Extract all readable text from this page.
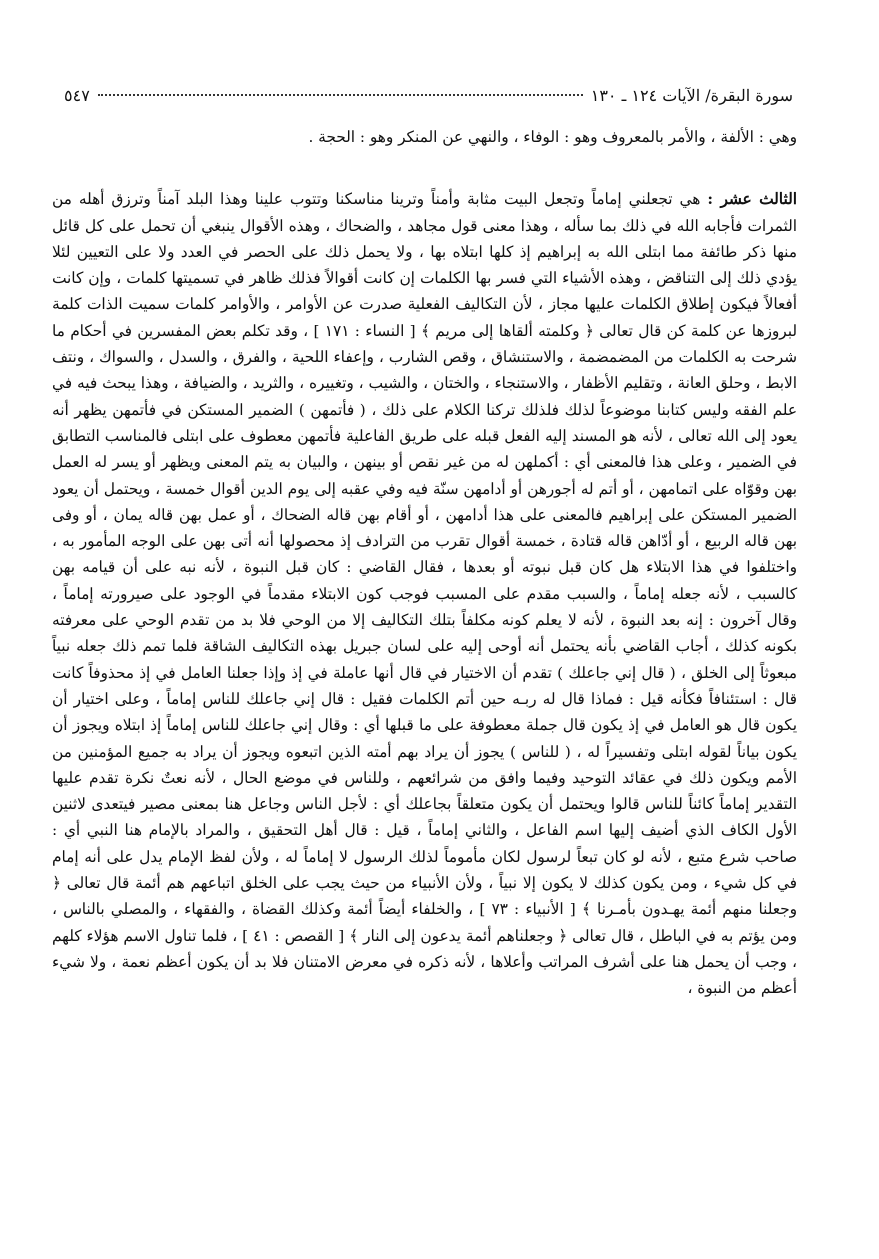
سورة البقرة/ الآيات ١٢٤ ـ ١٣٠
٥٤٧

وهي : الألفة ، والأمر بالمعروف وهو : الوفاء ، والنهي عن المنكر وهو : الحجة .

الثالث عشر : هي تجعلني إماماً وتجعل البيت مثابة وأمناً وترينا مناسكنا وتتوب علينا وهذا البلد آمناً وترزق أهله من الثمرات فأجابه الله في ذلك بما سأله ، وهذا معنى قول مجاهد ، والضحاك ، وهذه الأقوال ينبغي أن تحمل على كل قائل منها ذكر طائفة مما ابتلى الله به إبراهيم إذ كلها ابتلاه بها ، ولا يحمل ذلك على الحصر في العدد ولا على التعيين لئلا يؤدي ذلك إلى التناقض ، وهذه الأشياء التي فسر بها الكلمات إن كانت أقوالاً فذلك ظاهر في تسميتها كلمات ، وإن كانت أفعالاً فيكون إطلاق الكلمات عليها مجاز ، لأن التكاليف الفعلية صدرت عن الأوامر ، والأوامر كلمات سميت الذات كلمة لبروزها عن كلمة كن قال تعالى ﴿ وكلمته ألقاها إلى مريم ﴾ [ النساء : ١٧١ ] ، وقد تكلم بعض المفسرين في أحكام ما شرحت به الكلمات من المضمضمة ، والاستنشاق ، وقص الشارب ، وإعفاء اللحية ، والفرق ، والسدل ، والسواك ، ونتف الابط ، وحلق العانة ، وتقليم الأظفار ، والاستنجاء ، والختان ، والشيب ، وتغييره ، والثريد ، والضيافة ، وهذا يبحث فيه في علم الفقه وليس كتابنا موضوعاً لذلك فلذلك تركنا الكلام على ذلك ، ( فأتمهن ) الضمير المستكن في فأتمهن يظهر أنه يعود إلى الله تعالى ، لأنه هو المسند إليه الفعل قبله على طريق الفاعلية فأتمهن معطوف على ابتلى فالمناسب التطابق في الضمير ، وعلى هذا فالمعنى أي : أكملهن له من غير نقص أو بينهن ، والبيان به يتم المعنى ويظهر أو يسر له العمل بهن وقوّاه على اتمامهن ، أو أتم له أجورهن أو أدامهن سنّة فيه وفي عقبه إلى يوم الدين أقوال خمسة ، ويحتمل أن يعود الضمير المستكن على إبراهيم فالمعنى على هذا أدامهن ، أو أقام بهن قاله الضحاك ، أو عمل بهن قاله يمان ، أو وفى بهن قاله الربيع ، أو أدّاهن قاله قتادة ، خمسة أقوال تقرب من الترادف إذ محصولها أنه أتى بهن على الوجه المأمور به ، واختلفوا في هذا الابتلاء هل كان قبل نبوته أو بعدها ، فقال القاضي : كان قبل النبوة ، لأنه نبه على أن قيامه بهن كالسبب ، لأنه جعله إماماً ، والسبب مقدم على المسبب فوجب كون الابتلاء مقدماً في الوجود على صيرورته إماماً ، وقال آخرون : إنه بعد النبوة ، لأنه لا يعلم كونه مكلفاً بتلك التكاليف إلا من الوحي فلا بد من تقدم الوحي على معرفته بكونه كذلك ، أجاب القاضي بأنه يحتمل أنه أوحى إليه على لسان جبريل بهذه التكاليف الشاقة فلما تمم ذلك جعله نبياً مبعوثاً إلى الخلق ، ( قال إني جاعلك ) تقدم أن الاختيار في قال أنها عاملة في إذ وإذا جعلنا العامل في إذ محذوفاً كانت قال : استئنافاً فكأنه قيل : فماذا قال له ربـه حين أتم الكلمات فقيل : قال إني جاعلك للناس إماماً ، وعلى اختيار أن يكون قال هو العامل في إذ يكون قال جملة معطوفة على ما قبلها أي : وقال إني جاعلك للناس إماماً إذ ابتلاه ويجوز أن يكون بياناً لقوله ابتلى وتفسيراً له ، ( للناس ) يجوز أن يراد بهم أمته الذين اتبعوه ويجوز أن يراد به جميع المؤمنين من الأمم ويكون ذلك في عقائد التوحيد وفيما وافق من شرائعهم ، وللناس في موضع الحال ، لأنه نعتٌ نكرة تقدم عليها التقدير إماماً كائناً للناس قالوا ويحتمل أن يكون متعلقاً بجاعلك أي : لأجل الناس وجاعل هنا بمعنى مصير فيتعدى لاثنين الأول الكاف الذي أضيف إليها اسم الفاعل ، والثاني إماماً ، قيل : قال أهل التحقيق ، والمراد بالإمام هنا النبي أي : صاحب شرع متبع ، لأنه لو كان تبعاً لرسول لكان مأموماً لذلك الرسول لا إماماً له ، ولأن لفظ الإمام يدل على أنه إمام في كل شيء ، ومن يكون كذلك لا يكون إلا نبياً ، ولأن الأنبياء من حيث يجب على الخلق اتباعهم هم أئمة قال تعالى ﴿ وجعلنا منهم أئمة يهـدون بأمـرنا ﴾ [ الأنبياء : ٧٣ ] ، والخلفاء أيضاً أئمة وكذلك القضاة ، والفقهاء ، والمصلي بالناس ، ومن يؤتم به في الباطل ، قال تعالى ﴿ وجعلناهم أئمة يدعون إلى النار ﴾ [ القصص : ٤١ ] ، فلما تناول الاسم هؤلاء كلهم ، وجب أن يحمل هنا على أشرف المراتب وأعلاها ، لأنه ذكره في معرض الامتنان فلا بد أن يكون أعظم نعمة ، ولا شيء أعظم من النبوة ،
